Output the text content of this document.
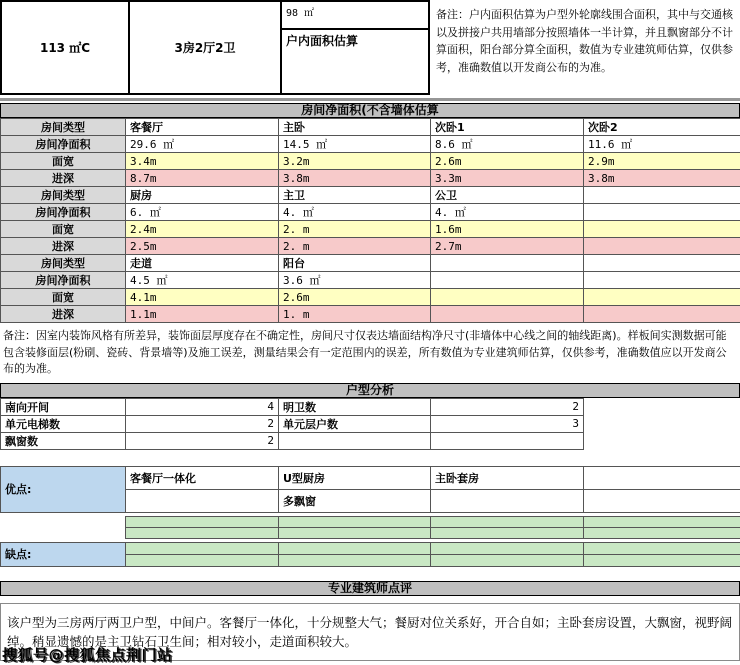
113 ㎡C	3房2厅2卫	98 ㎡
户内面积估算
备注：户内面积估算为户型外轮廓线围合面积，其中与交通核以及拼接户共用墙部分按照墙体一半计算，并且飘窗部分不计算面积，阳台部分算全面积，数值为专业建筑师估算，仅供参考，准确数值以开发商公布的为准。
房间净面积(不含墙体估算
房间类型	客餐厅	主卧	次卧1	次卧2
房间净面积	29.6 ㎡	14.5 ㎡	8.6 ㎡	11.6 ㎡
面宽	3.4m	3.2m	2.6m	2.9m
进深	8.7m	3.8m	3.3m	3.8m
房间类型	厨房	主卫	公卫	
房间净面积	6. ㎡	4. ㎡	4. ㎡	
面宽	2.4m	2. m	1.6m	
进深	2.5m	2. m	2.7m	
房间类型	走道	阳台		
房间净面积	4.5 ㎡	3.6 ㎡		
面宽	4.1m	2.6m		
进深	1.1m	1. m		
备注：因室内装饰风格有所差异，装饰面层厚度存在不确定性，房间尺寸仅表达墙面结构净尺寸(非墙体中心线之间的轴线距离)。样板间实测数据可能包含装修面层(粉刷、瓷砖、背景墙等)及施工误差，测量结果会有一定范围内的误差，所有数值为专业建筑师估算，仅供参考，准确数值应以开发商公布的为准。
户型分析
南向开间	4	明卫数	2
单元电梯数	2	单元层户数	3
飘窗数	2		
优点:	客餐厅一体化	U型厨房	主卧套房	
		多飘窗		

缺点:				

专业建筑师点评
该户型为三房两厅两卫户型，中间户。客餐厅一体化，十分规整大气；餐厨对位关系好，开合自如；主卧套房设置，大飘窗，视野阔绰。稍显遗憾的是主卫钻石卫生间；相对较小，走道面积较大。
搜狐号@搜狐焦点荆门站
